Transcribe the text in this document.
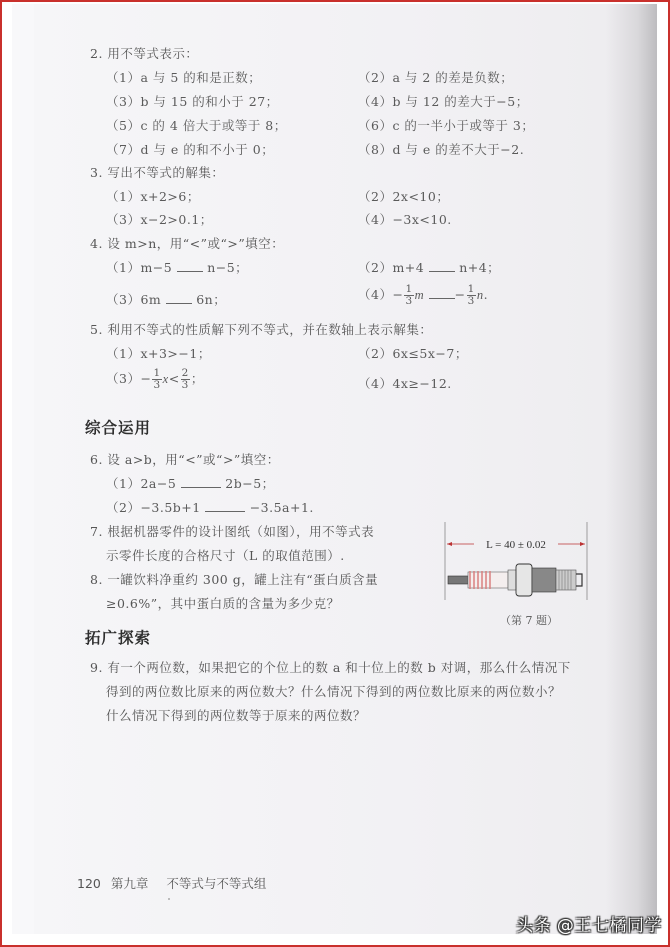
2. 用不等式表示：
（1）a 与 5 的和是正数；	（2）a 与 2 的差是负数；
（3）b 与 15 的和小于 27；	（4）b 与 12 的差大于−5；
（5）c 的 4 倍大于或等于 8；	（6）c 的一半小于或等于 3；
（7）d 与 e 的和不小于 0；	（8）d 与 e 的差不大于−2.
3. 写出不等式的解集：
（1）x+2>6；	（2）2x<10；
（3）x−2>0.1；	（4）−3x<10.
4. 设 m>n，用“<”或“>”填空：
（1）m−5	n−5；	（2）m+4	n+4；
（3）6m	6n；	$(4)- \frac{1}{3}$ $m - \frac{1}{3} n$.
5. 利用不等式的性质解下列不等式，并在数轴上表示解集：
（1）x+3>−1；	（2）6x≤5x−7；
$(3)- \frac{1}{3} x< \frac{2}{3}$ ；	（4）4x≥−12.
综合运用
6. 设 a>b，用“<”或“>”填空：
（1）2a−5	2b−5；
（2）−3.5b+1	−3.5a+1.
7. 根据机器零件的设计图纸（如图），用不等式表
示零件长度的合格尺寸（L 的取值范围）.
8. 一罐饮料净重约 300 g，罐上注有“蛋白质含量
≥0.6%”，其中蛋白质的含量为多少克？
L = 40 ± 0.02
（第 7 题）
拓广探索
9. 有一个两位数，如果把它的个位上的数 a 和十位上的数 b 对调，那么什么情况下
得到的两位数比原来的两位数大？什么情况下得到的两位数比原来的两位数小？
什么情况下得到的两位数等于原来的两位数？
120 第九章 不等式与不等式组
头条 @王七橘同学
